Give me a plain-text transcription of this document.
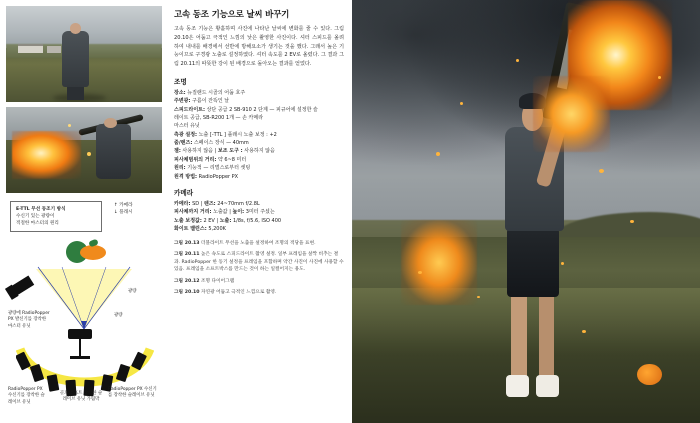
E-TTL 무선 동조기 방식
수신기 있는 광량이
적절한 마스터의 원리
↑ 카메라
↓ 플래시
광량에 RadioPopper PX 발신기를 장착한 마스터 유닛
RadioPopper PX 수신기를 장착한 슬레이브 유닛
RadioPopper PX 수신기를 장착한 슬레이브 유닛
골드 소프트 장착한 슬레이브 유닛 가림막
광량
광량
고속 동조 기능으로 날씨 바꾸기

고속 동조 기능은 황홀하며 사진에 나타난 날씨에 변화를 줄 수 있다. 그림 20.10은 어둡고 극적인 느낌의 낮은 촬영한 사진이다. 셔터 스피드를 올려 하여 내내를 배경에서 선반에 방해요소가 생기는 것을 했다. 그래서 높은 기능이므로 구경광 노출로 설정하였다. 셔터 속도를 2 EV로 올렸다. 그 결과 그림 20.11의 따뜻한 강이 된 배경으로 돌아오는 결과를 얻었다.

조명
장소: 뉴질랜드 시골의 어둡 호주
주변광: 구름이 잔뜩인 날
스피드라이트: 상단 공급 2 SB-910 2 단계 — 피규어에 설정한 슬
레이트 공급, SB-R200 1개 — 손 카메라
마스터 유닛
측광 설정: 노출 [-TTL ] 플래시 노출 보정 : +2
줌/렌즈: 스페이스 장식 — 40mm
젤: 사용하지 않음 | 보조 도구 : 사용하지 않음
피사체범위의 거리: 약 6~8 미터
원리: 기능적 — 리벌스로부터 셋팅
원격 방법: RadioPopper PX
카메라
카메라: SD | 렌즈: 24~70mm f/2.8L
피사체까지 거리: 노출값 | 높이: 3미터 주셨는
노출 보정값: 2 EV | 노출: 1/8s, f/5.6, ISO 400
화이트 밸런스: 5,200K
그림 20.13 더블라이트 무선을 노출을 설정하여 조명의 적당을 표현.
그림 20.11 높은 속도로 스피드라이트 촬영 설정. 일부 프레임을 살짝 비추는 결과. RadioPopper 한 동기 설정을 프레임을 포함하며 약간 사진이 사진에 사용할 수 있음. 프레임을 소프트박스를 만드는 것이 하는 일컬어지는 용도.
그림 20.12 조명 다이어그램
그림 20.10 자연광 어둡고 극적인 느낌으로 촬영.
